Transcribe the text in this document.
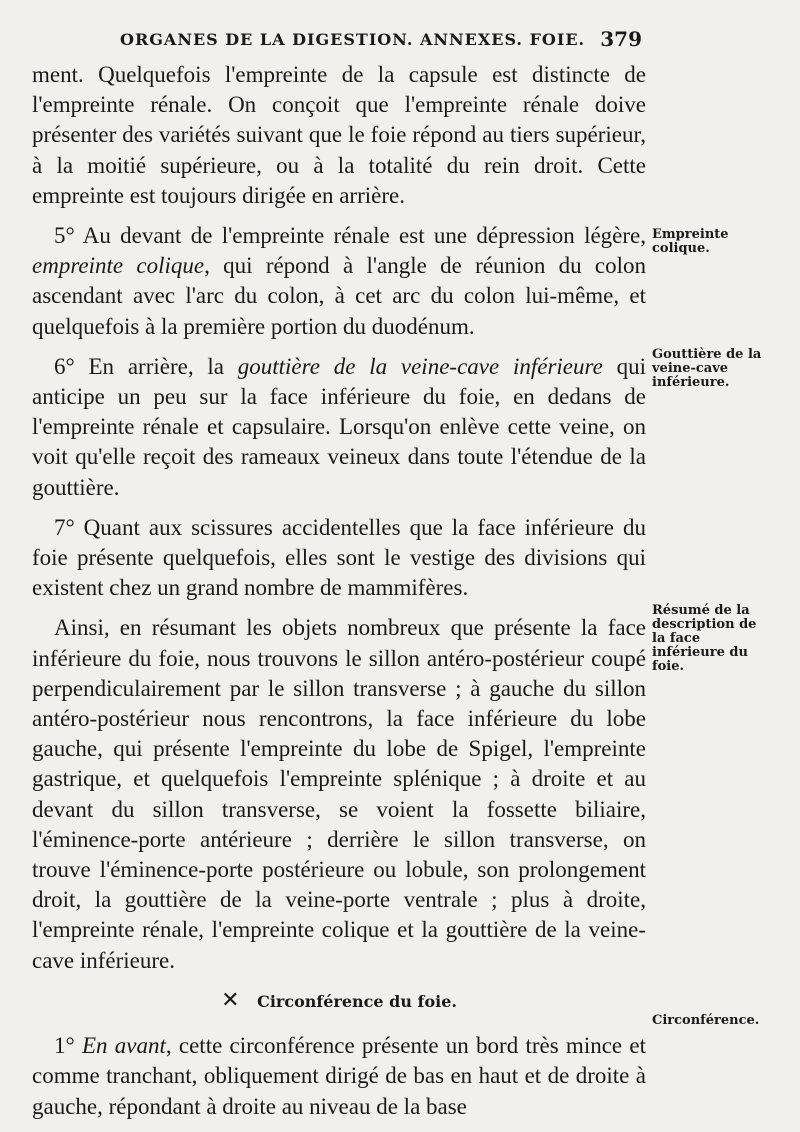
ORGANES DE LA DIGESTION. ANNEXES. FOIE. 379

ment. Quelquefois l'empreinte de la capsule est distincte de l'empreinte rénale. On conçoit que l'empreinte rénale doive présenter des variétés suivant que le foie répond au tiers supérieur, à la moitié supérieure, ou à la totalité du rein droit. Cette empreinte est toujours dirigée en arrière.

5° Au devant de l'empreinte rénale est une dépression légère, empreinte colique, qui répond à l'angle de réunion du colon ascendant avec l'arc du colon, à cet arc du colon lui-même, et quelquefois à la première portion du duodénum.

6° En arrière, la gouttière de la veine-cave inférieure qui anticipe un peu sur la face inférieure du foie, en dedans de l'empreinte rénale et capsulaire. Lorsqu'on enlève cette veine, on voit qu'elle reçoit des rameaux veineux dans toute l'étendue de la gouttière.

7° Quant aux scissures accidentelles que la face inférieure du foie présente quelquefois, elles sont le vestige des divisions qui existent chez un grand nombre de mammifères.

Ainsi, en résumant les objets nombreux que présente la face inférieure du foie, nous trouvons le sillon antéro-postérieur coupé perpendiculairement par le sillon transverse ; à gauche du sillon antéro-postérieur nous rencontrons, la face inférieure du lobe gauche, qui présente l'empreinte du lobe de Spigel, l'empreinte gastrique, et quelquefois l'empreinte splénique ; à droite et au devant du sillon transverse, se voient la fossette biliaire, l'éminence-porte antérieure ; derrière le sillon transverse, on trouve l'éminence-porte postérieure ou lobule, son prolongement droit, la gouttière de la veine-porte ventrale ; plus à droite, l'empreinte rénale, l'empreinte colique et la gouttière de la veine-cave inférieure.

✕ Circonférence du foie.

1° En avant, cette circonférence présente un bord très mince et comme tranchant, obliquement dirigé de bas en haut et de droite à gauche, répondant à droite au niveau de la base

Empreinte colique.
Gouttière de la veine-cave inférieure.
Résumé de la description de la face inférieure du foie.
Circonférence.
